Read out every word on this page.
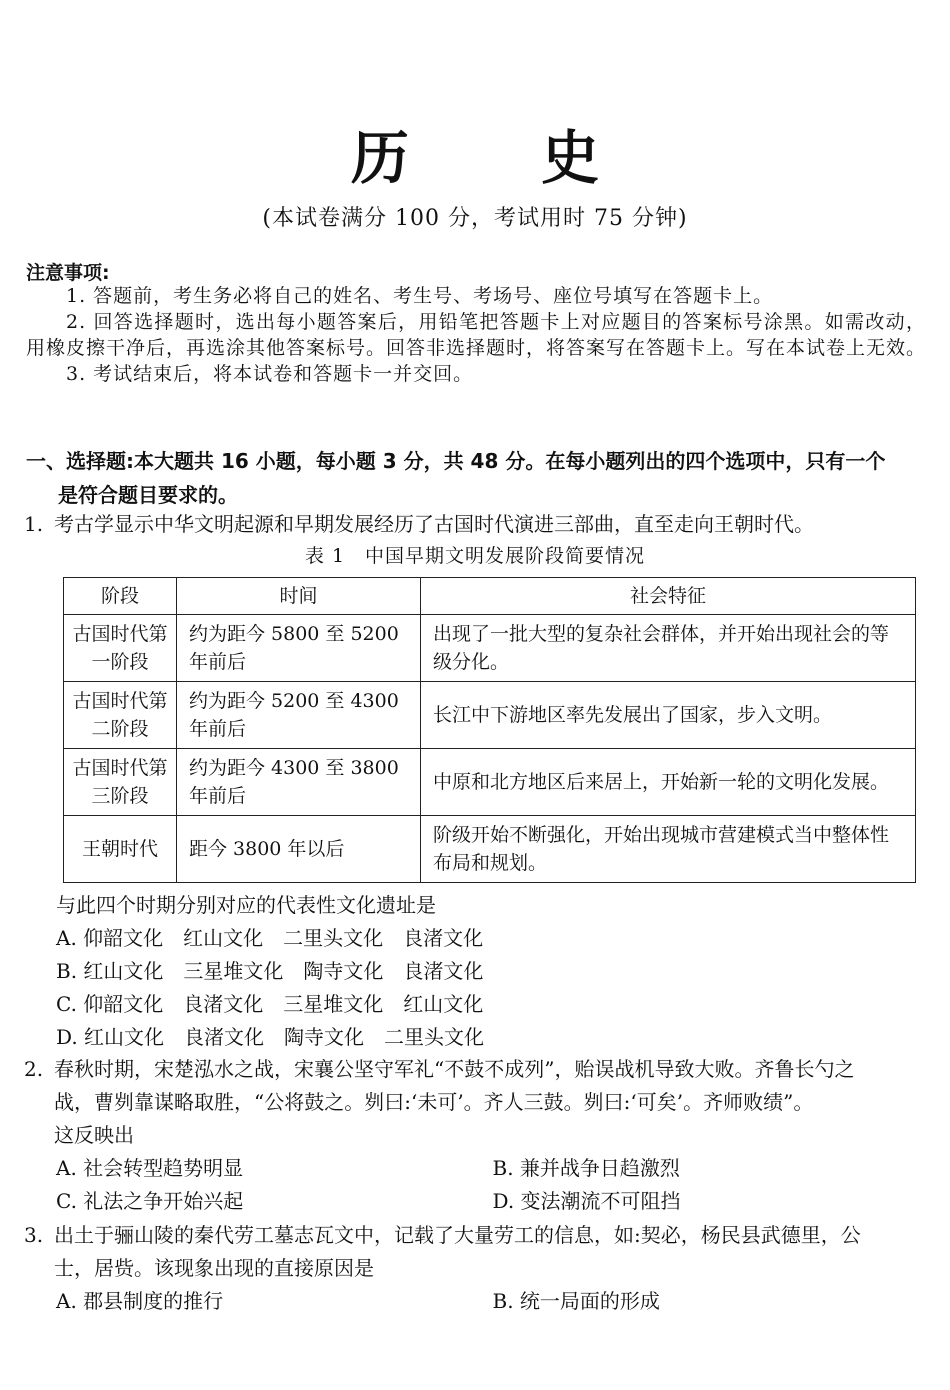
历 史
(本试卷满分 100 分，考试用时 75 分钟)
注意事项:

1. 答题前，考生务必将自己的姓名、考生号、考场号、座位号填写在答题卡上。

2. 回答选择题时，选出每小题答案后，用铅笔把答题卡上对应题目的答案标号涂黑。如需改动，用橡皮擦干净后，再选涂其他答案标号。回答非选择题时，将答案写在答题卡上。写在本试卷上无效。

3. 考试结束后，将本试卷和答题卡一并交回。

一、选择题:本大题共 16 小题，每小题 3 分，共 48 分。在每小题列出的四个选项中，只有一个
是符合题目要求的。
1. 考古学显示中华文明起源和早期发展经历了古国时代演进三部曲，直至走向王朝时代。
表 1　中国早期文明发展阶段简要情况
阶段	时间	社会特征
古国时代第一阶段	约为距今 5800 至 5200 年前后	出现了一批大型的复杂社会群体，并开始出现社会的等级分化。
古国时代第二阶段	约为距今 5200 至 4300 年前后	长江中下游地区率先发展出了国家，步入文明。
古国时代第三阶段	约为距今 4300 至 3800 年前后	中原和北方地区后来居上，开始新一轮的文明化发展。
王朝时代	距今 3800 年以后	阶级开始不断强化，开始出现城市营建模式当中整体性布局和规划。
与此四个时期分别对应的代表性文化遗址是
A. 仰韶文化　红山文化　二里头文化　良渚文化
B. 红山文化　三星堆文化　陶寺文化　良渚文化
C. 仰韶文化　良渚文化　三星堆文化　红山文化
D. 红山文化　良渚文化　陶寺文化　二里头文化
2. 春秋时期，宋楚泓水之战，宋襄公坚守军礼“不鼓不成列”，贻误战机导致大败。齐鲁长勺之
战，曹刿靠谋略取胜，“公将鼓之。刿曰:‘未可’。齐人三鼓。刿曰:‘可矣’。齐师败绩”。
这反映出
A. 社会转型趋势明显	B. 兼并战争日趋激烈
C. 礼法之争开始兴起	D. 变法潮流不可阻挡
3. 出土于骊山陵的秦代劳工墓志瓦文中，记载了大量劳工的信息，如:契必，杨民县武德里，公
士，居赀。该现象出现的直接原因是
A. 郡县制度的推行	B. 统一局面的形成
